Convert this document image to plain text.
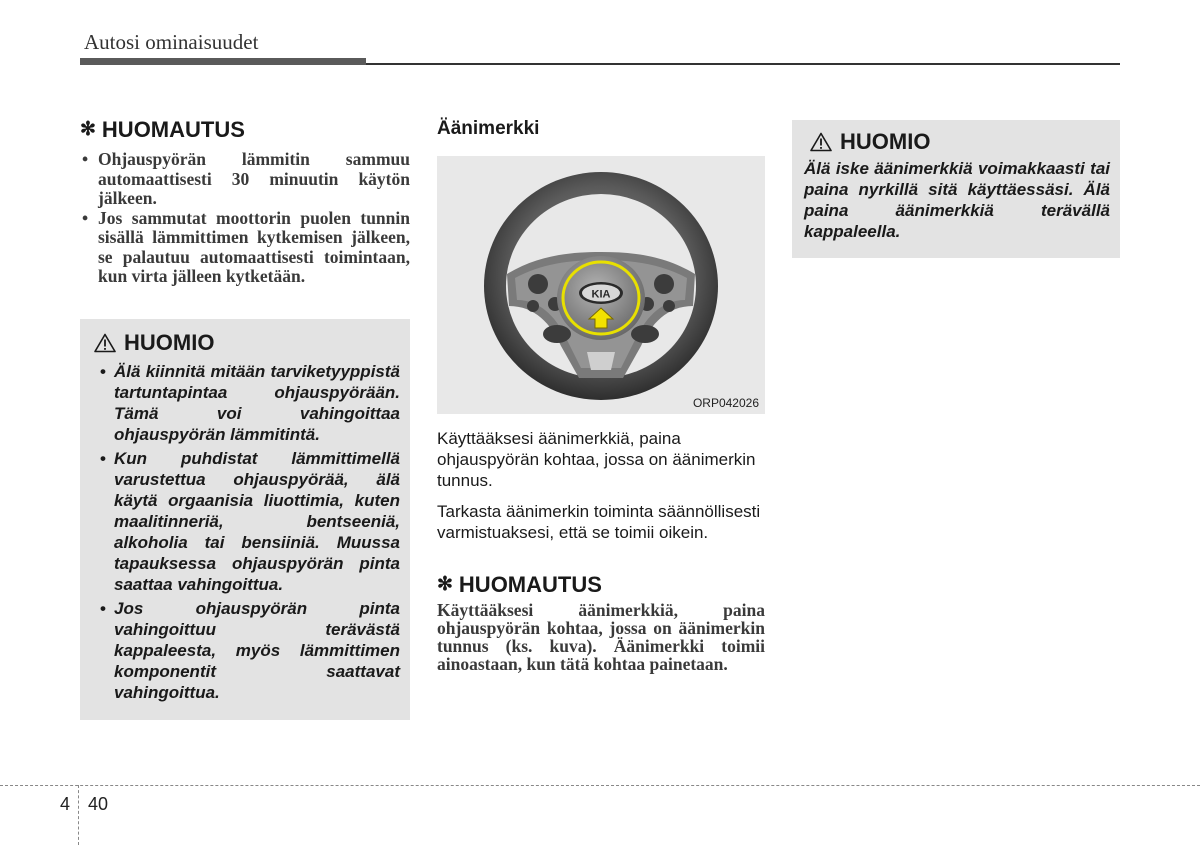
Autosi ominaisuudet
✻ HUOMAUTUS
• Ohjauspyörän lämmitin sammuu automaattisesti 30 minuutin käytön jälkeen.
• Jos sammutat moottorin puolen tunnin sisällä lämmittimen kytkemisen jälkeen, se palautuu automaattisesti toimintaan, kun virta jälleen kytketään.
HUOMIO
• Älä kiinnitä mitään tarviketyyppistä tartuntapintaa ohjauspyörään. Tämä voi vahingoittaa ohjauspyörän lämmitintä.
• Kun puhdistat lämmittimellä varustettua ohjauspyörää, älä käytä orgaanisia liuottimia, kuten maalitinneriä, bentseeniä, alkoholia tai bensiiniä. Muussa tapauksessa ohjauspyörän pinta saattaa vahingoittua.
• Jos ohjauspyörän pinta vahingoittuu terävästä kappaleesta, myös lämmittimen komponentit saattavat vahingoittua.
Äänimerkki
KIA
ORP042026

Käyttääksesi äänimerkkiä, paina ohjauspyörän kohtaa, jossa on äänimerkin tunnus.

Tarkasta äänimerkin toiminta säännöllisesti varmistuaksesi, että se toimii oikein.

✻ HUOMAUTUS

Käyttääksesi äänimerkkiä, paina ohjauspyörän kohtaa, jossa on äänimerkin tunnus (ks. kuva). Äänimerkki toimii ainoastaan, kun tätä kohtaa painetaan.

HUOMIO

Älä iske äänimerkkiä voimakkaasti tai paina nyrkillä sitä käyttäessäsi. Älä paina äänimerkkiä terävällä kappaleella.

4 40
